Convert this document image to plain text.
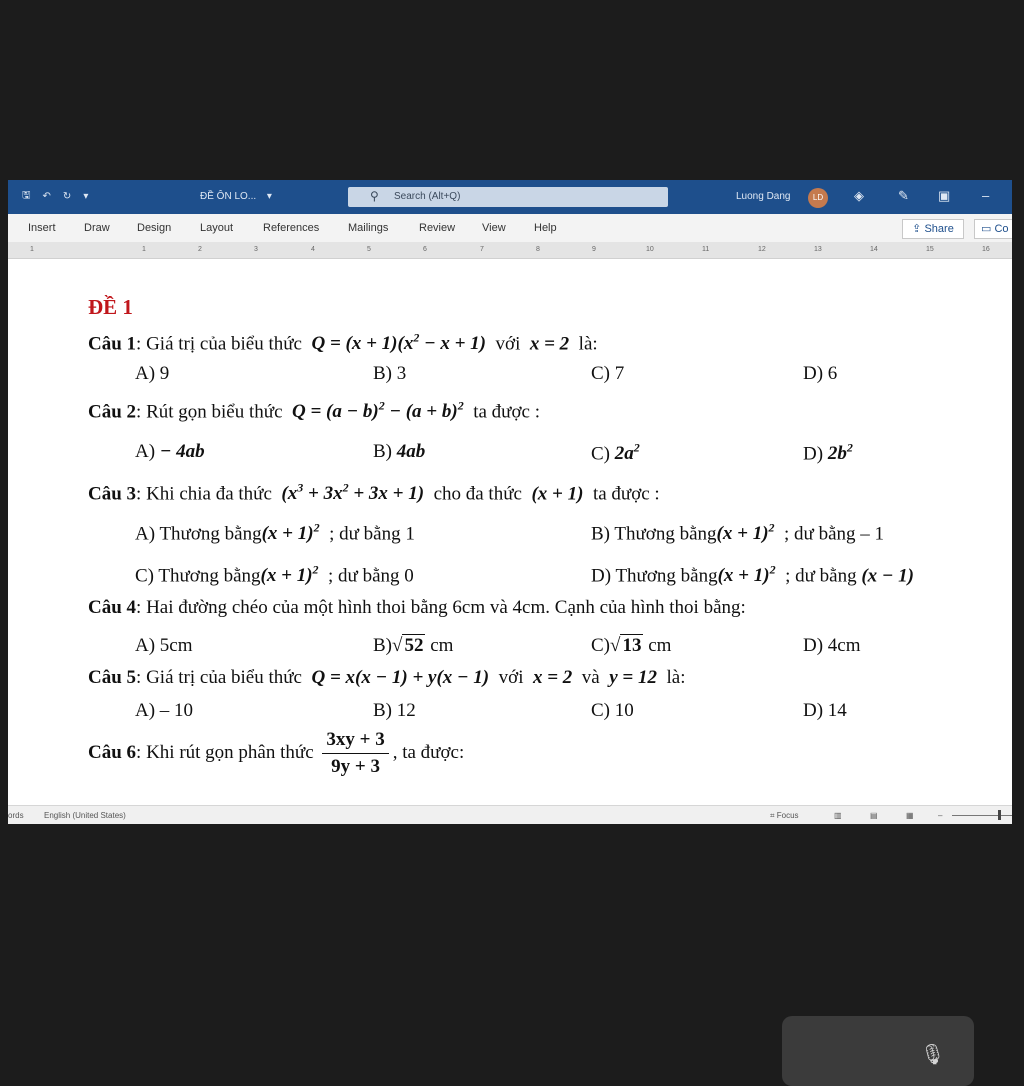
🖫 ↶ ↻ ▾	ĐỀ ÔN LO... ▾	⚲ Search (Alt+Q)	Luong Dang	LD	◈	✎ ▣ –
Insert	Draw Design	Layout	References	Mailings	Review View	Help	⇪ Share	▭ Co
1	1	2	3	4	5	6	7	8	9	10	11	12	13	14	15	16
ĐỀ 1
Câu 1: Giá trị của biểu thức  $Q = (x + 1)(x^2 - x + 1)$  với  x = 2  là:
A) 9	B) 3	C) 7	D) 6
Câu 2: Rút gọn biểu thức  $Q = (a - b)^2 - (a + b)^2$ ta được :
A) − 4ab	B) 4ab	C) $2a^2$	D) $2b^2$
Câu 3: Khi chia đa thức  $(x^3 + 3x^2 + 3x + 1)$  cho đa thức  (x + 1)  ta được :
A) Thương bằng(x + 1)$^2$ ; dư bằng 1	B) Thương bằng(x + 1)$^2$ ; dư bằng – 1
C) Thương bằng(x + 1)$^2$ ; dư bằng 0	D) Thương bằng(x + 1)$^2$ ; dư bằng (x − 1)
Câu 4: Hai đường chéo của một hình thoi bằng 6cm và 4cm. Cạnh của hình thoi bằng:
A) 5cm	B)√ 52 cm	C)√ 13 cm	D) 4cm
Câu 5: Giá trị của biểu thức  Q = x(x − 1) + y(x − 1)  với  x = 2  và  y = 12  là:
A) – 10	B) 12	C) 10	D) 14
Câu 6: Khi rút gọn phân thức $\frac{3xy + 3}{9y + 3}$ , ta được:
ords	English (United States)	⌗ Focus	▥	▤	▦	–
🎙
